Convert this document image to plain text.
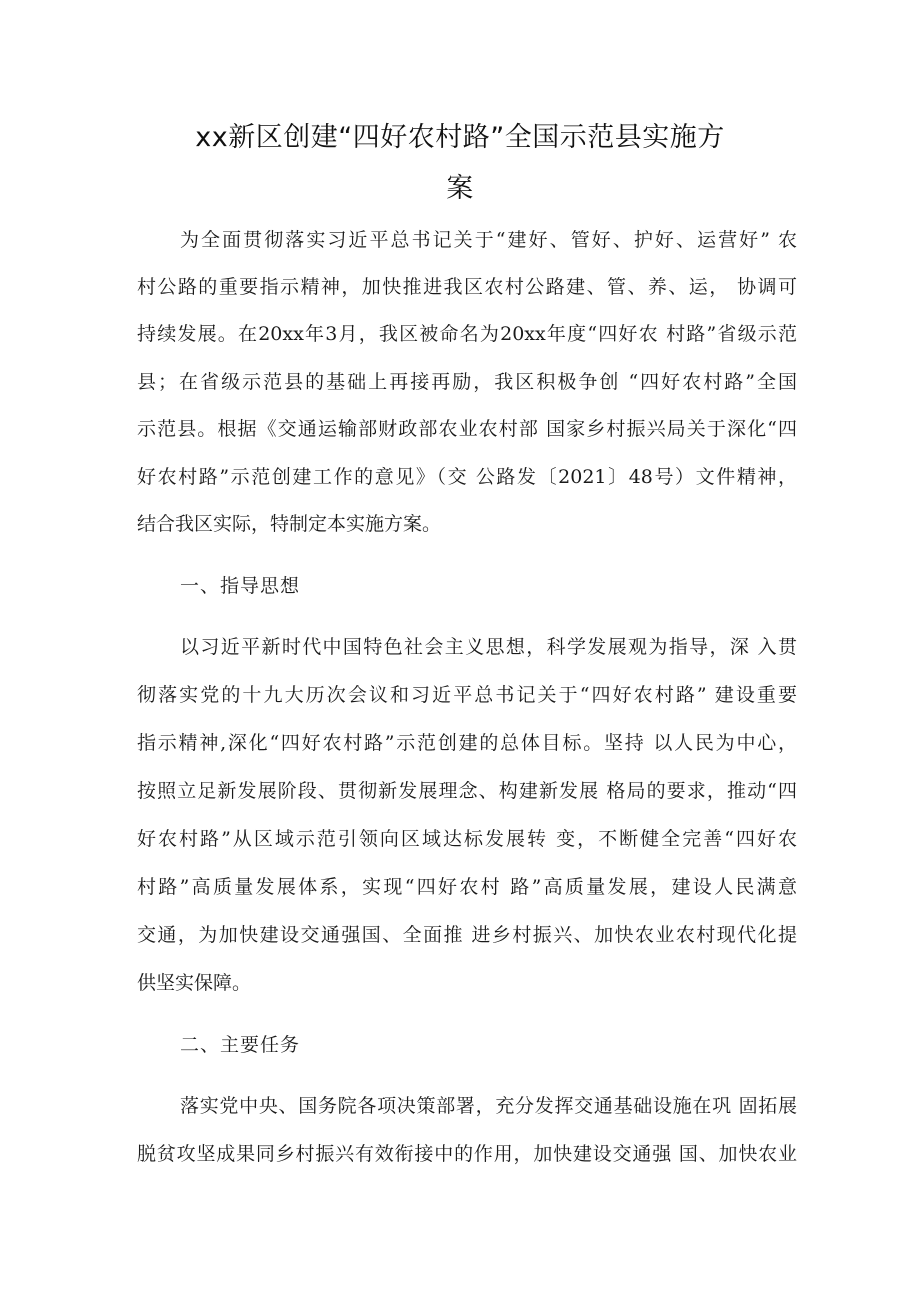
xx新区创建“四好农村路”全国示范县实施方
案
为全面贯彻落实习近平总书记关于“建好、管好、护好、运营好” 农
村公路的重要指示精神，加快推进我区农村公路建、管、养、运， 协调可
持续发展。在20xx年3月，我区被命名为20xx年度“四好农 村路”省级示范
县；在省级示范县的基础上再接再励，我区积极争创 “四好农村路”全国
示范县。根据《交通运输部财政部农业农村部 国家乡村振兴局关于深化“四
好农村路”示范创建工作的意见》（交 公路发〔2021〕48号）文件精神，
结合我区实际，特制定本实施方案。
一、指导思想
以习近平新时代中国特色社会主义思想，科学发展观为指导，深 入贯
彻落实党的十九大历次会议和习近平总书记关于“四好农村路” 建设重要
指示精神,深化“四好农村路”示范创建的总体目标。坚持 以人民为中心，
按照立足新发展阶段、贯彻新发展理念、构建新发展 格局的要求，推动“四
好农村路”从区域示范引领向区域达标发展转 变，不断健全完善“四好农
村路”高质量发展体系，实现“四好农村 路”高质量发展，建设人民满意
交通，为加快建设交通强国、全面推 进乡村振兴、加快农业农村现代化提
供坚实保障。
二、主要任务
落实党中央、国务院各项决策部署，充分发挥交通基础设施在巩 固拓展
脱贫攻坚成果同乡村振兴有效衔接中的作用，加快建设交通强 国、加快农业
